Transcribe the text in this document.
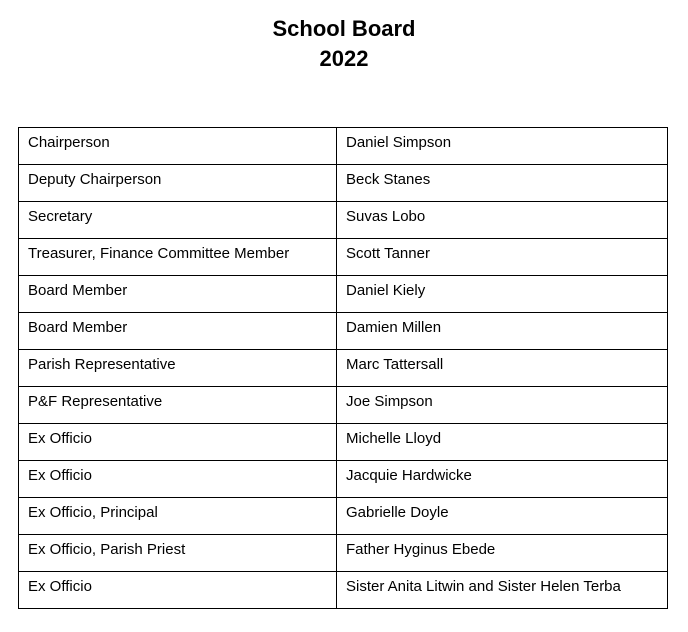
School Board
2022
Chairperson	Daniel Simpson
Deputy Chairperson	Beck Stanes
Secretary	Suvas Lobo
Treasurer, Finance Committee Member	Scott Tanner
Board Member	Daniel Kiely
Board Member	Damien Millen
Parish Representative	Marc Tattersall
P&F Representative	Joe Simpson
Ex Officio	Michelle Lloyd
Ex Officio	Jacquie Hardwicke
Ex Officio, Principal	Gabrielle Doyle
Ex Officio, Parish Priest	Father Hyginus Ebede
Ex Officio	Sister Anita Litwin and Sister Helen Terba
